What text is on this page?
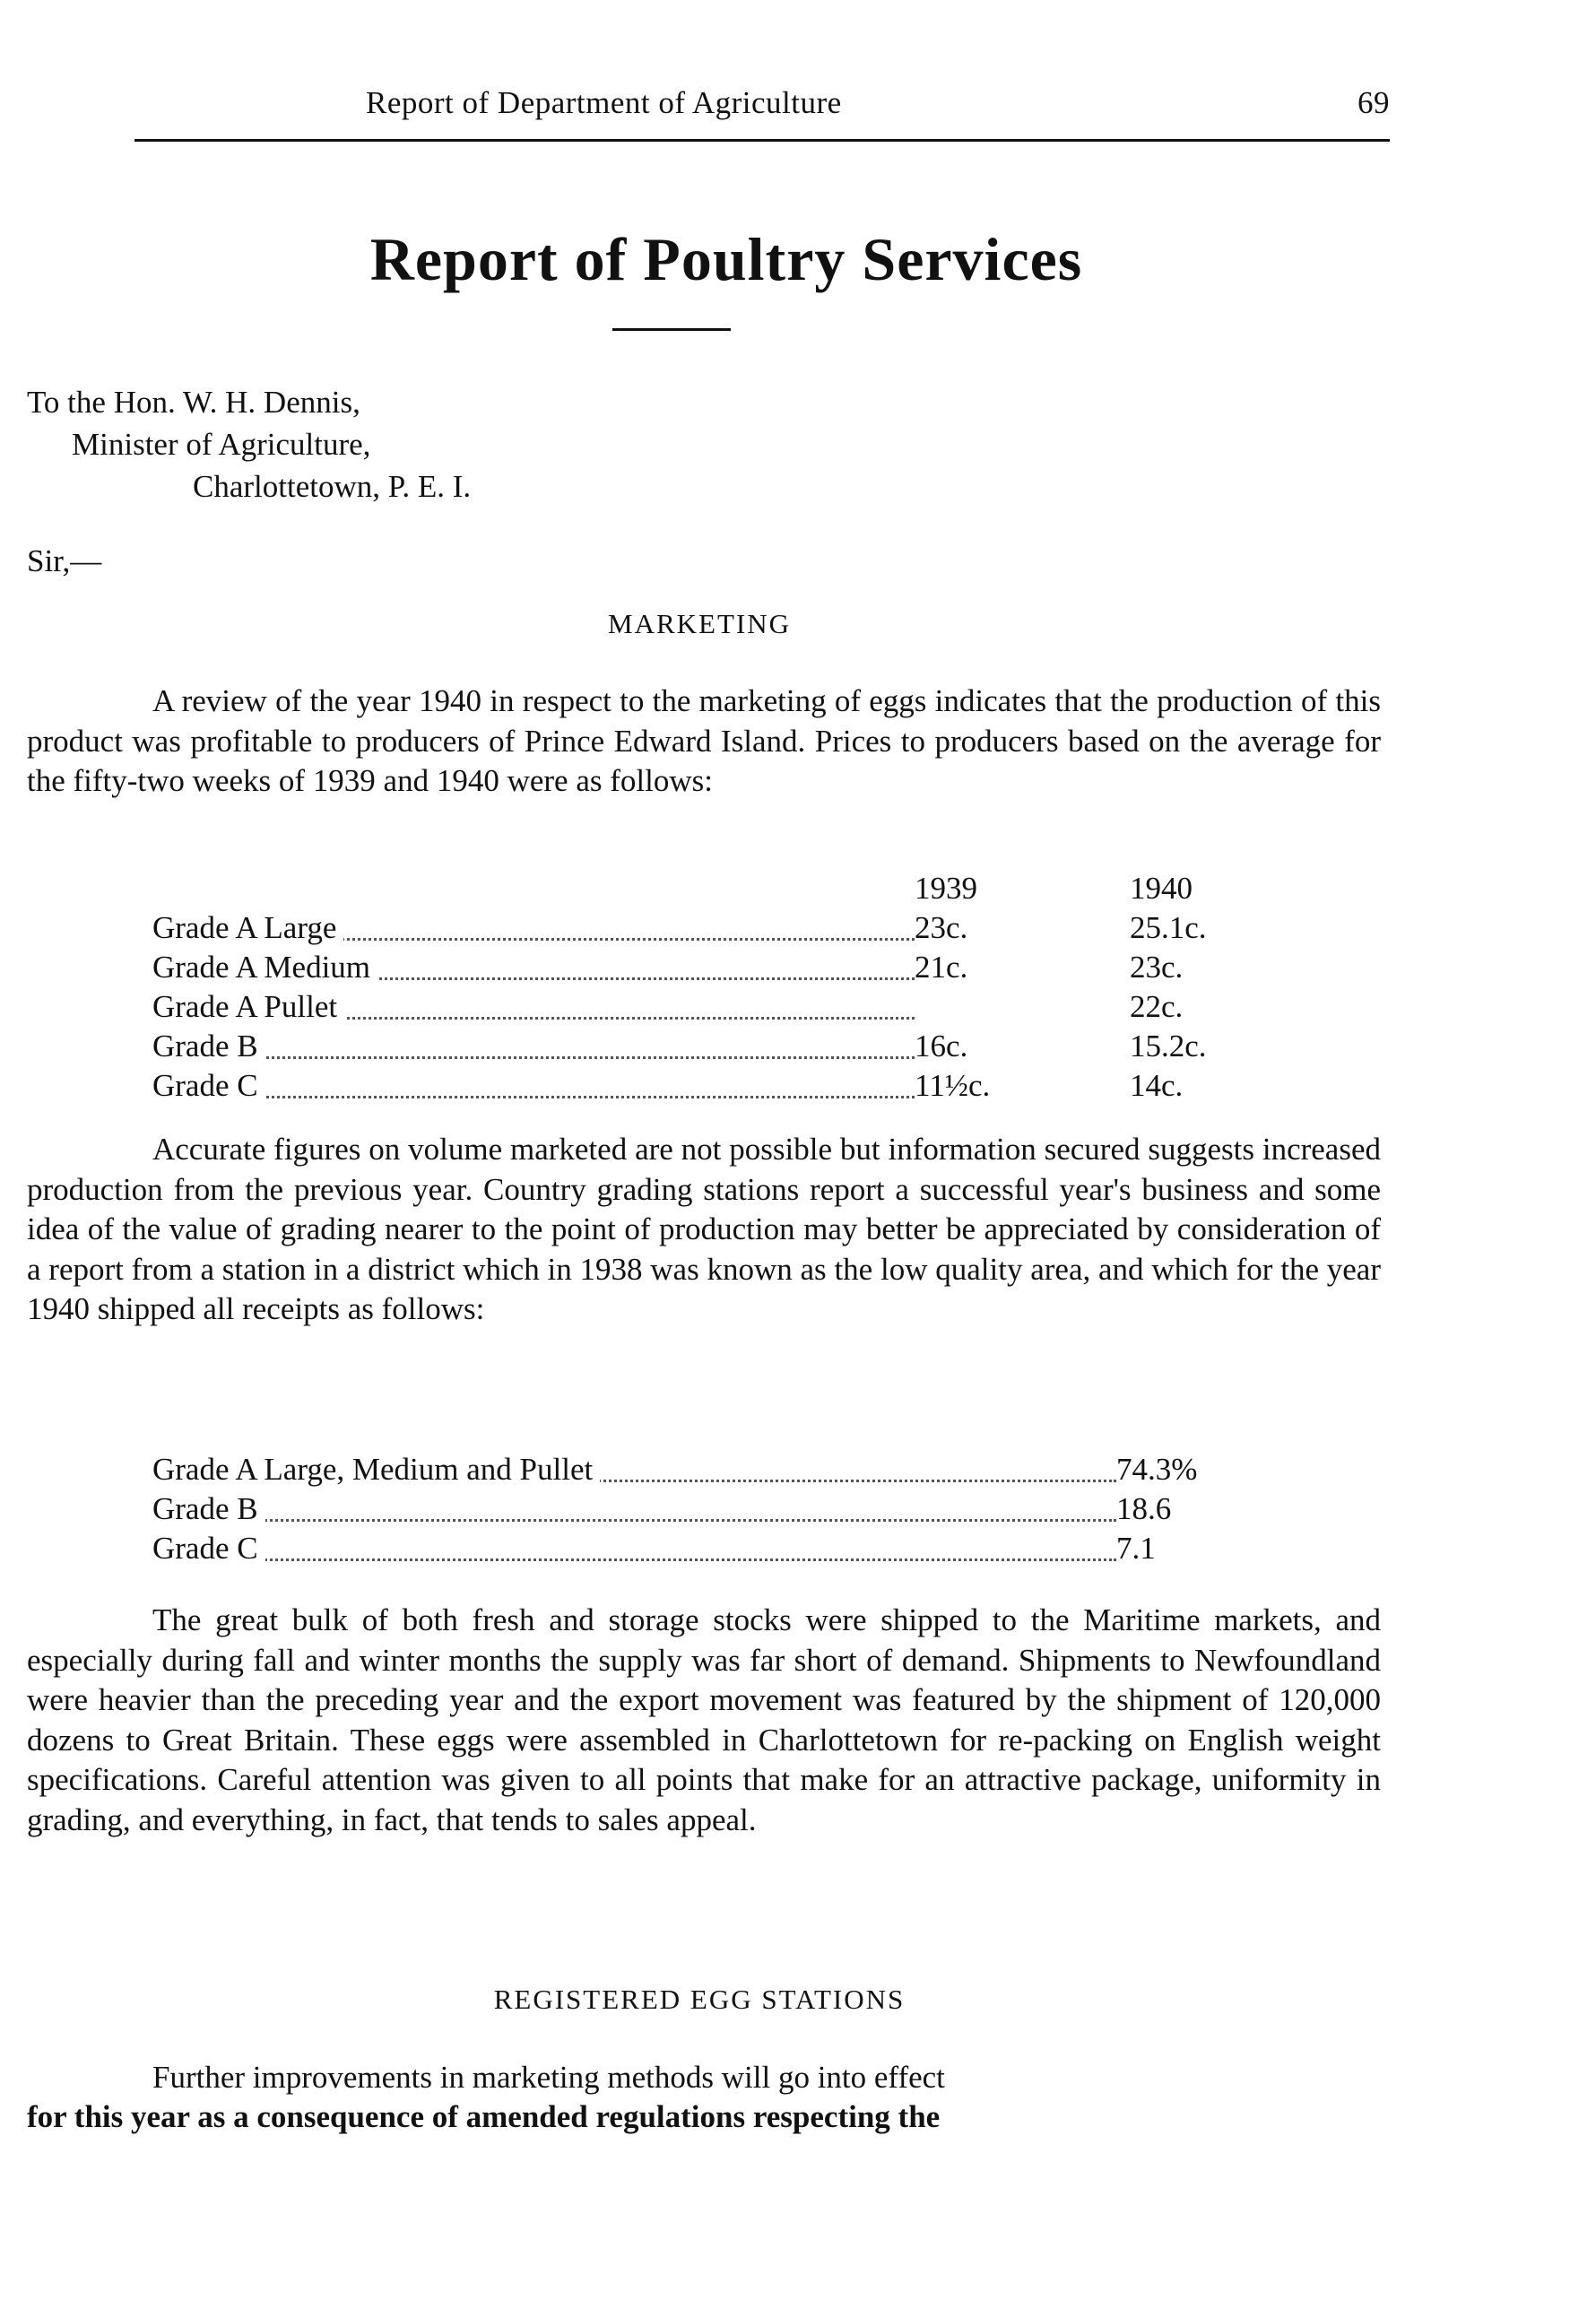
Report of Department of Agriculture	69
Report of Poultry Services
To the Hon. W. H. Dennis,
Minister of Agriculture,
Charlottetown, P. E. I.
Sir,—
MARKETING

A review of the year 1940 in respect to the marketing of eggs indicates that the production of this product was profitable to producers of Prince Edward Island. Prices to producers based on the average for the fifty-two weeks of 1939 and 1940 were as follows:

	1939	1940

Grade A Large	23c.	25.1c.

Grade A Medium	21c.	23c.

Grade A Pullet		22c.

Grade B	16c.	15.2c.

Grade C	11½c.	14c.

Accurate figures on volume marketed are not possible but information secured suggests increased production from the previous year. Country grading stations report a successful year's business and some idea of the value of grading nearer to the point of production may better be appreciated by consideration of a report from a station in a district which in 1938 was known as the low quality area, and which for the year 1940 shipped all receipts as follows:

Grade A Large, Medium and Pullet	74.3%

Grade B	18.6

Grade C	7.1

The great bulk of both fresh and storage stocks were shipped to the Maritime markets, and especially during fall and winter months the supply was far short of demand. Shipments to Newfoundland were heavier than the preceding year and the export movement was featured by the shipment of 120,000 dozens to Great Britain. These eggs were assembled in Charlottetown for re-packing on English weight specifications. Careful attention was given to all points that make for an attractive package, uniformity in grading, and everything, in fact, that tends to sales appeal.

REGISTERED EGG STATIONS

Further improvements in marketing methods will go into effect

for this year as a consequence of amended regulations respecting the
